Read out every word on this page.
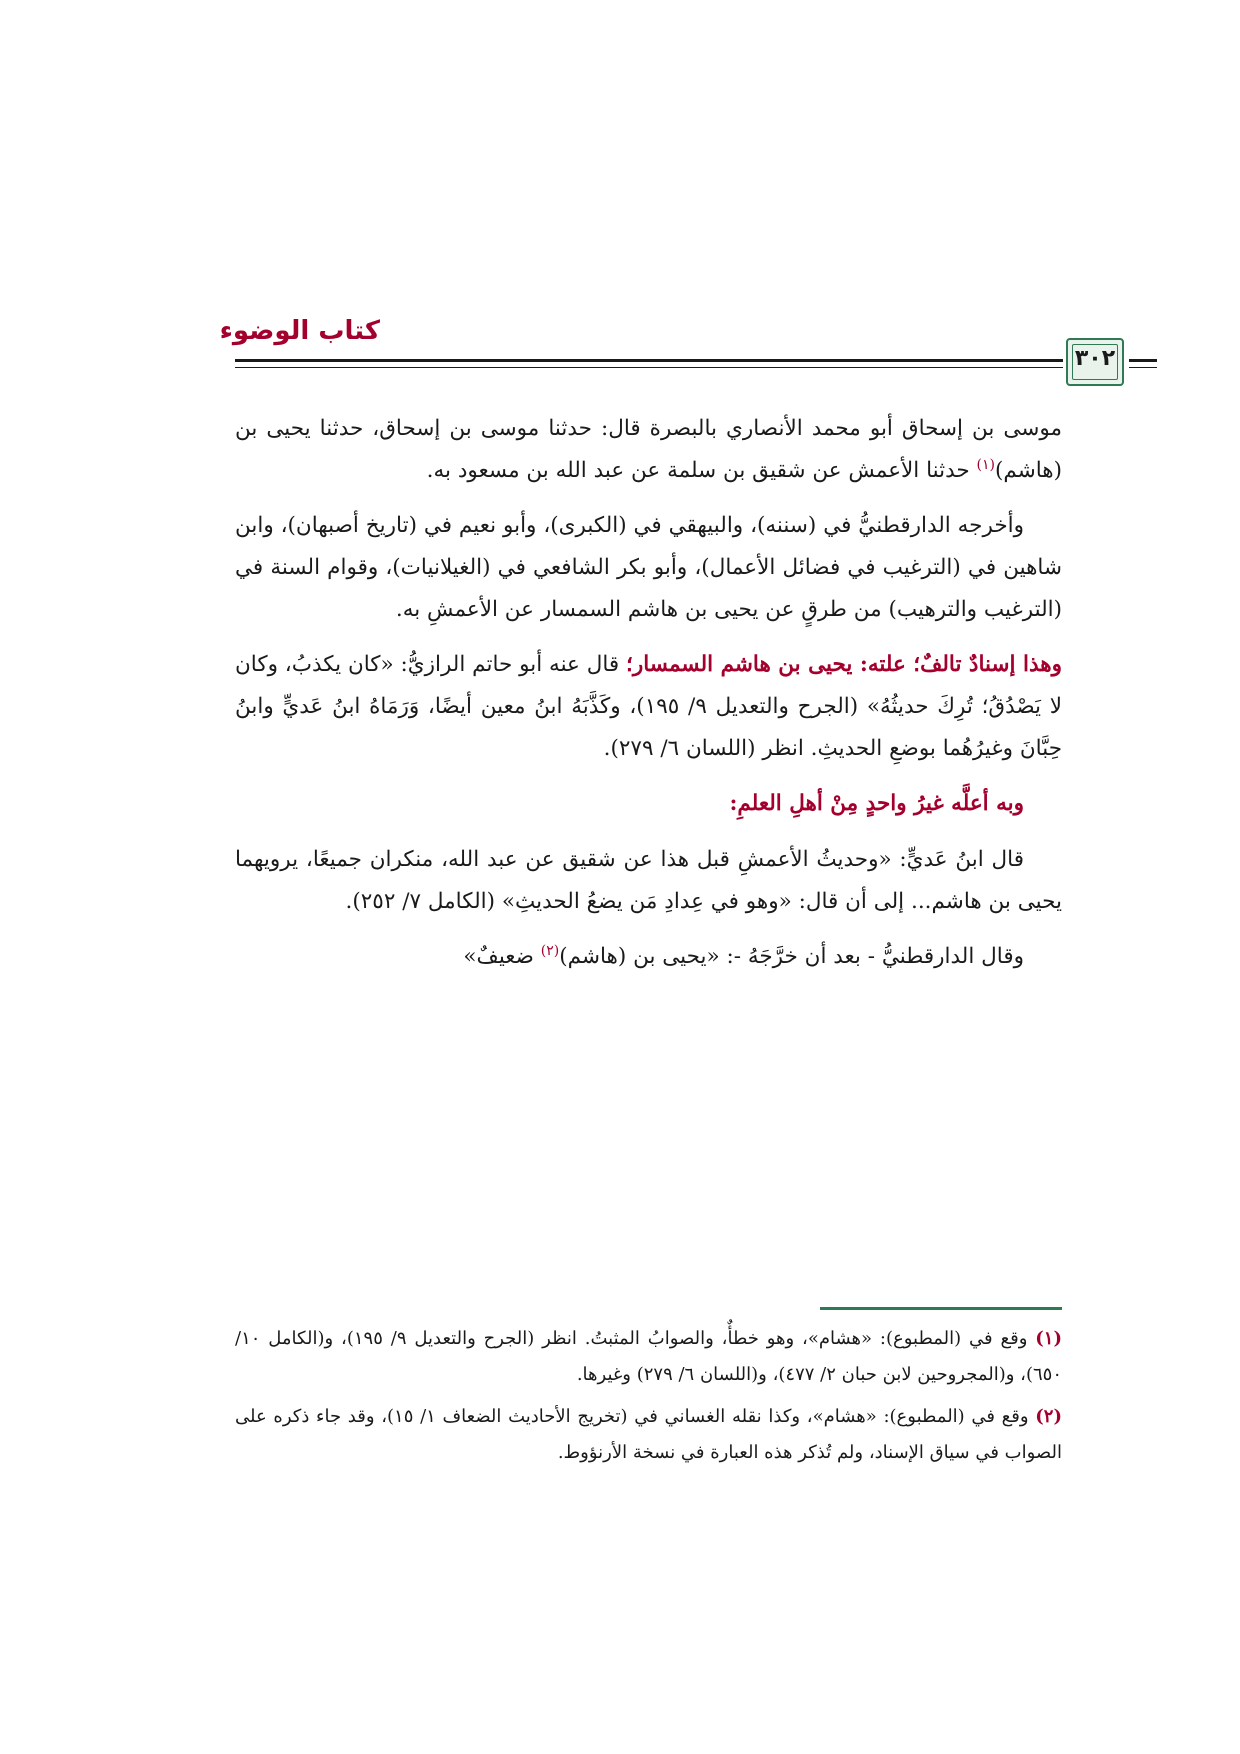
كتاب الوضوء
٣٠٢

موسى بن إسحاق أبو محمد الأنصاري بالبصرة قال: حدثنا موسى بن إسحاق، حدثنا يحيى بن (هاشم)$^{(١)}$ حدثنا الأعمش عن شقيق بن سلمة عن عبد الله بن مسعود به.

وأخرجه الدارقطنيُّ في (سننه)، والبيهقي في (الكبرى)، وأبو نعيم في (تاريخ أصبهان)، وابن شاهين في (الترغيب في فضائل الأعمال)، وأبو بكر الشافعي في (الغيلانيات)، وقوام السنة في (الترغيب والترهيب) من طرقٍ عن يحيى بن هاشم السمسار عن الأعمشِ به.

وهذا إسنادٌ تالفٌ؛ علته: يحيى بن هاشم السمسار؛ قال عنه أبو حاتم الرازيُّ: «كان يكذبُ، وكان لا يَصْدُقُ؛ تُرِكَ حديثُهُ» (الجرح والتعديل ٩/ ١٩٥)، وكَذَّبَهُ ابنُ معين أيضًا، وَرَمَاهُ ابنُ عَديٍّ وابنُ حِبَّانَ وغيرُهُما بوضعِ الحديثِ. انظر (اللسان ٦/ ٢٧٩).

وبه أعلَّه غيرُ واحدٍ مِنْ أهلِ العلمِ:

قال ابنُ عَديٍّ: «وحديثُ الأعمشِ قبل هذا عن شقيق عن عبد الله، منكران جميعًا، يرويهما يحيى بن هاشم... إلى أن قال: «وهو في عِدادِ مَن يضعُ الحديثِ» (الكامل ٧/ ٢٥٢).

وقال الدارقطنيُّ - بعد أن خرَّجَهُ -: «يحيى بن (هاشم)$^{(٢)}$ ضعيفٌ»

(١) وقع في (المطبوع): «هشام»، وهو خطأٌ، والصوابُ المثبتُ. انظر (الجرح والتعديل ٩/ ١٩٥)، و(الكامل ١٠/ ٦٥٠)، و(المجروحين لابن حبان ٢/ ٤٧٧)، و(اللسان ٦/ ٢٧٩) وغيرها.

(٢) وقع في (المطبوع): «هشام»، وكذا نقله الغساني في (تخريج الأحاديث الضعاف ١/ ١٥)، وقد جاء ذكره على الصواب في سياق الإسناد، ولم تُذكر هذه العبارة في نسخة الأرنؤوط.
